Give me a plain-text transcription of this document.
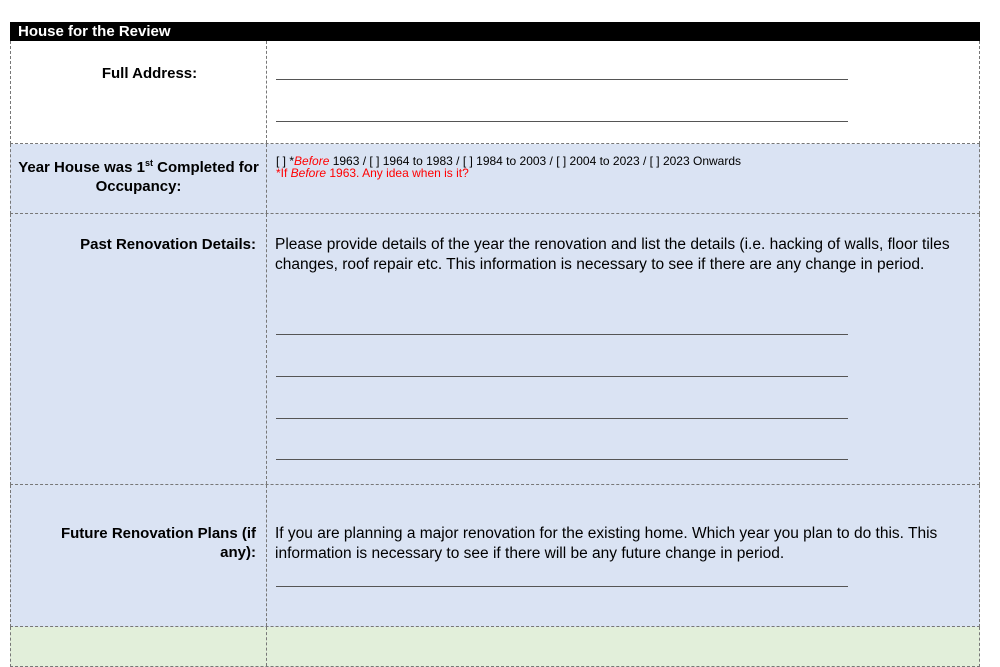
House for the Review
Full Address:
Year House was 1st Completed for Occupancy:
[ ] *Before 1963 / [ ] 1964 to 1983 / [ ] 1984 to 2003 / [ ] 2004 to 2023 / [ ] 2023 Onwards
*If Before 1963. Any idea when is it?
Past Renovation Details:	Please provide details of the year the renovation and list the details (i.e. hacking of walls, floor tiles changes, roof repair etc. This information is necessary to see if there are any change in period.

Future Renovation Plans (if any):

If you are planning a major renovation for the existing home. Which year you plan to do this. This information is necessary to see if there will be any future change in period.
